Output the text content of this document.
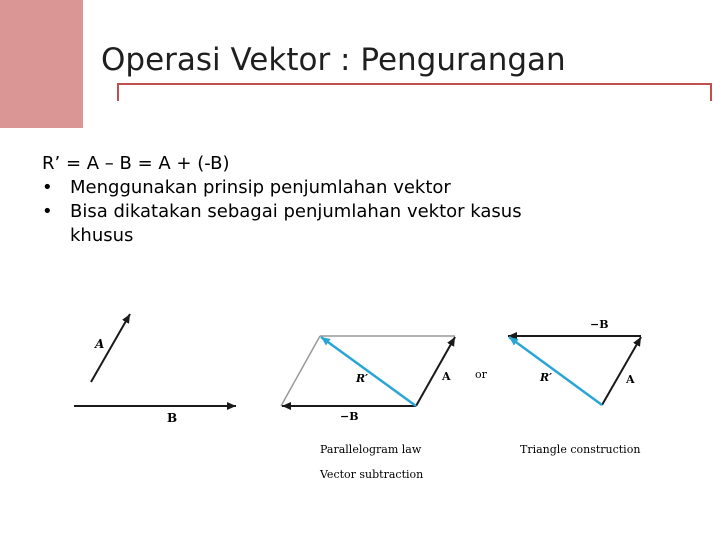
Operasi Vektor : Pengurangan
R’ = A – B = A + (-B)
• Menggunakan prinsip penjumlahan vektor
• Bisa dikatakan sebagai penjumlahan vektor kasus
khusus
A
B
R′	A
−B
or
−B
R′	A
Parallelogram law
Vector subtraction
Triangle construction
